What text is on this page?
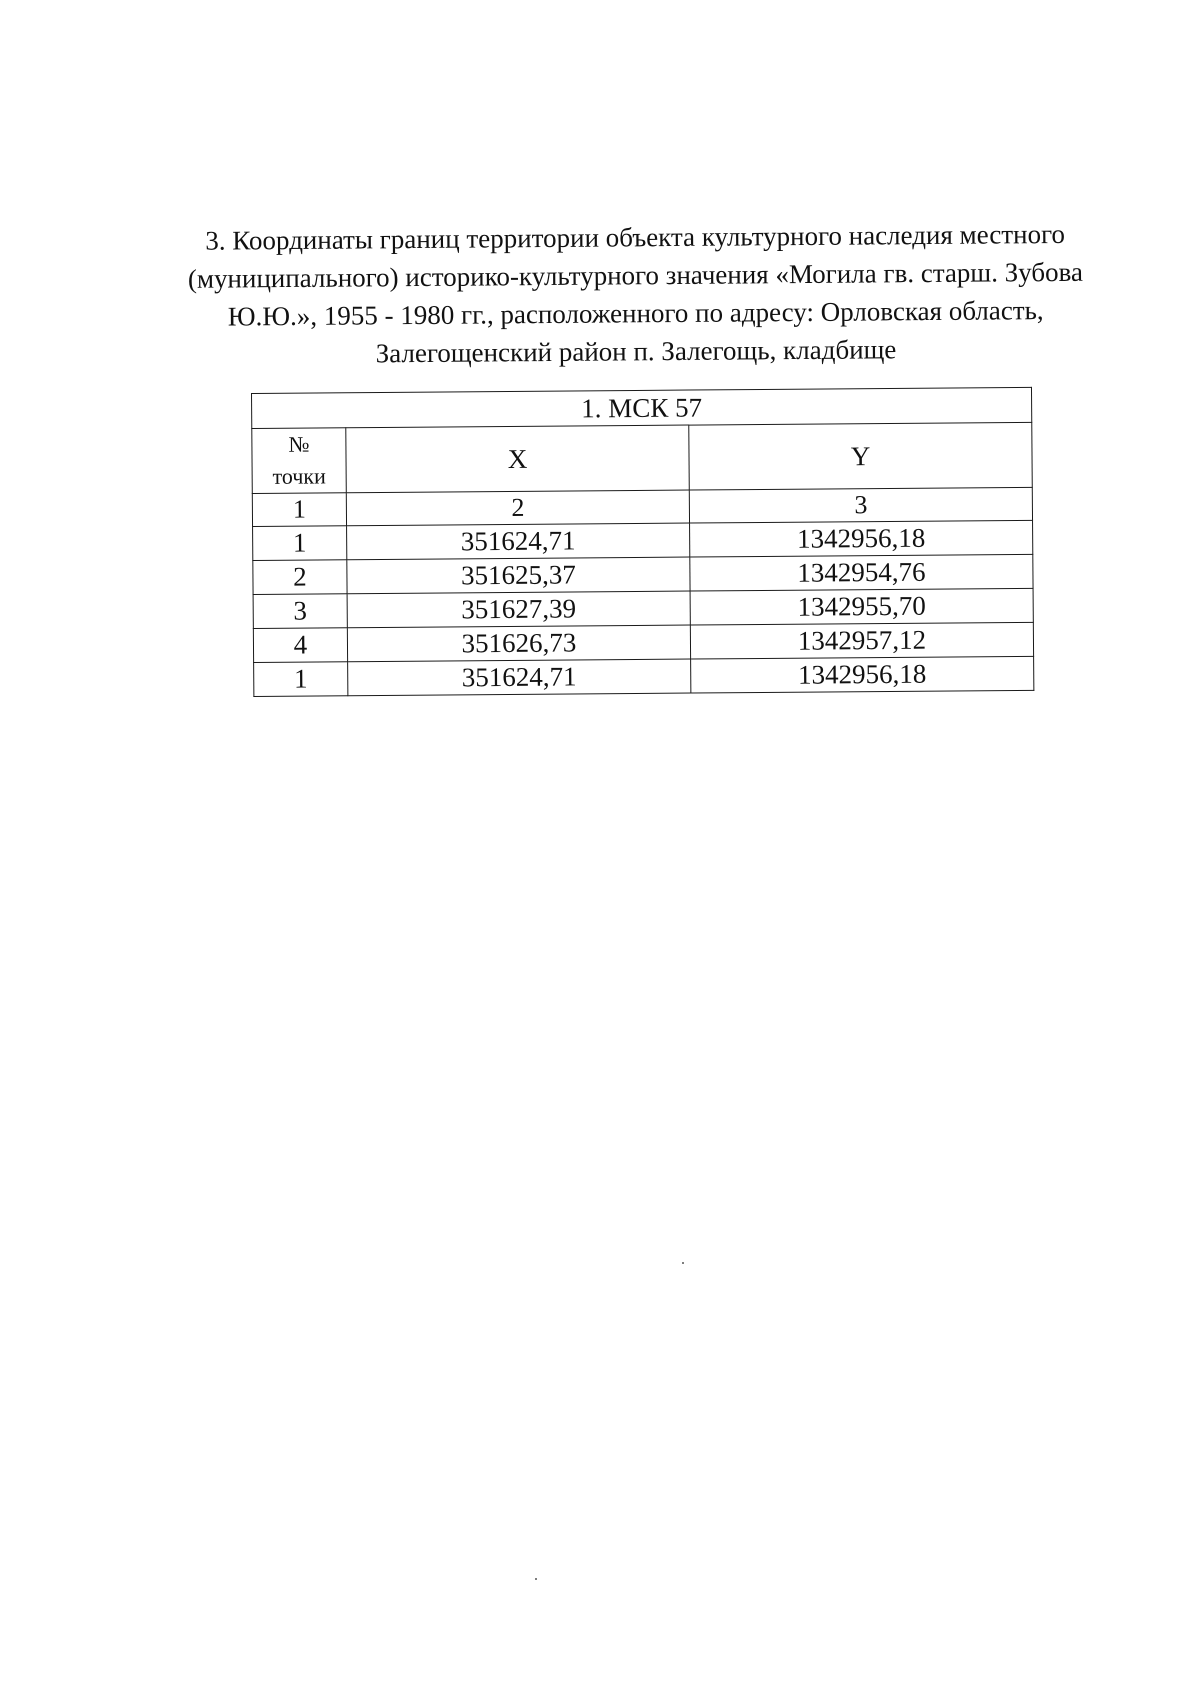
3. Координаты границ территории объекта культурного наследия местного
(муниципального) историко-культурного значения «Могила гв. старш. Зубова
Ю.Ю.», 1955 - 1980 гг., расположенного по адресу: Орловская область,
Залегощенский район п. Залегощь, кладбище
1. МСК 57		

№
точки	X	Y
1	2	3
1	351624,71	1342956,18
2	351625,37	1342954,76
3	351627,39	1342955,70
4	351626,73	1342957,12
1	351624,71	1342956,18
